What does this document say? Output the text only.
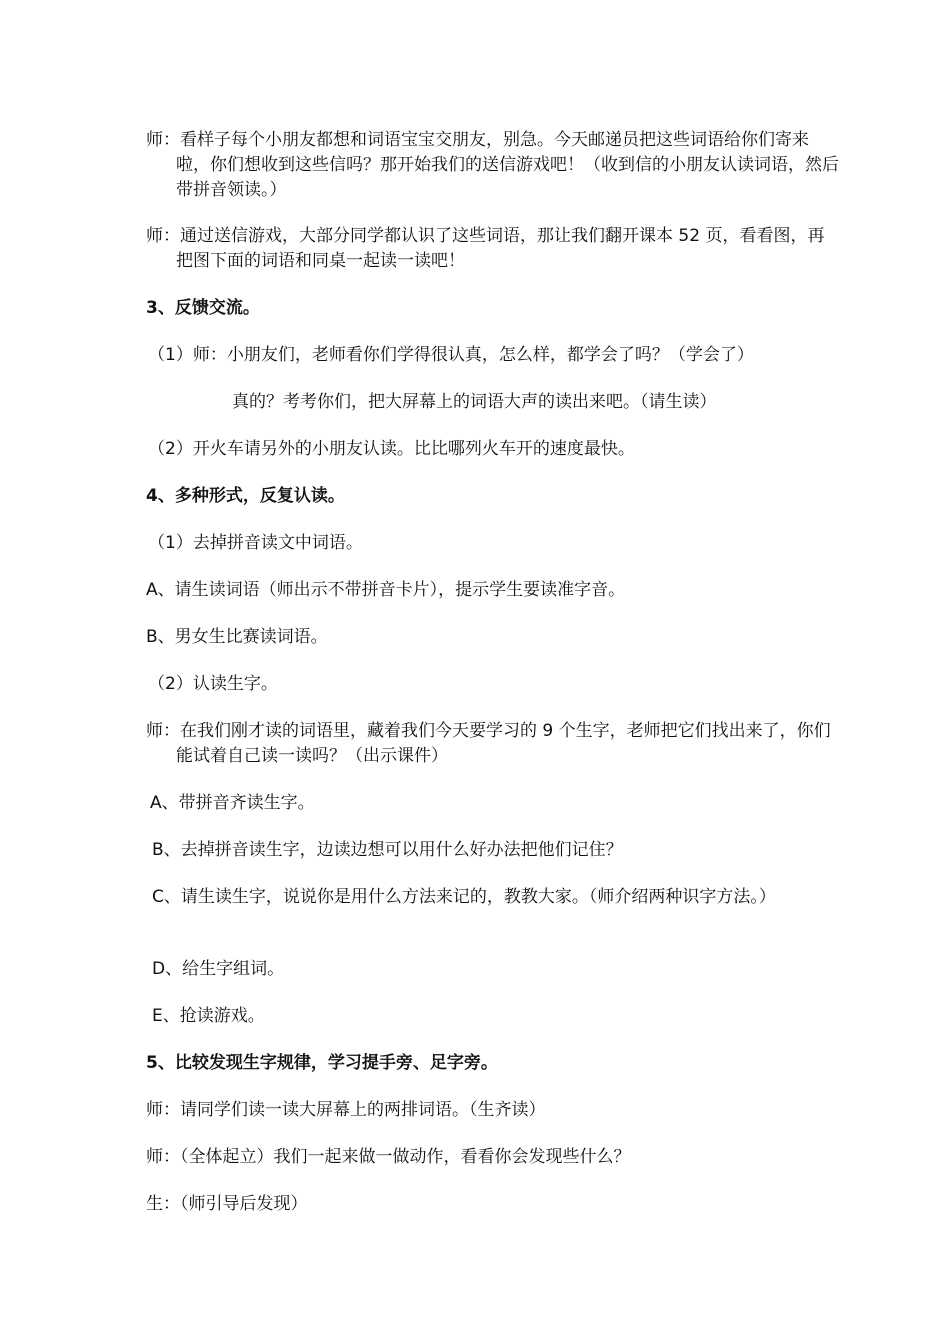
师：看样子每个小朋友都想和词语宝宝交朋友，别急。今天邮递员把这些词语给你们寄来啦，你们想收到这些信吗？那开始我们的送信游戏吧！（收到信的小朋友认读词语，然后带拼音领读。）
师：通过送信游戏，大部分同学都认识了这些词语，那让我们翻开课本 52 页，看看图，再把图下面的词语和同桌一起读一读吧！
3、反馈交流。
（1）师：小朋友们，老师看你们学得很认真，怎么样，都学会了吗？（学会了）
真的？考考你们，把大屏幕上的词语大声的读出来吧。（请生读）
（2）开火车请另外的小朋友认读。比比哪列火车开的速度最快。
4、多种形式，反复认读。
（1）去掉拼音读文中词语。
A、请生读词语（师出示不带拼音卡片），提示学生要读准字音。
B、男女生比赛读词语。
（2）认读生字。
师：在我们刚才读的词语里，藏着我们今天要学习的 9 个生字，老师把它们找出来了，你们能试着自己读一读吗？（出示课件）
A、带拼音齐读生字。
B、去掉拼音读生字，边读边想可以用什么好办法把他们记住？
C、请生读生字，说说你是用什么方法来记的，教教大家。（师介绍两种识字方法。）
D、给生字组词。
E、抢读游戏。
5、比较发现生字规律，学习提手旁、足字旁。
师：请同学们读一读大屏幕上的两排词语。（生齐读）
师：（全体起立）我们一起来做一做动作，看看你会发现些什么？
生：（师引导后发现）
